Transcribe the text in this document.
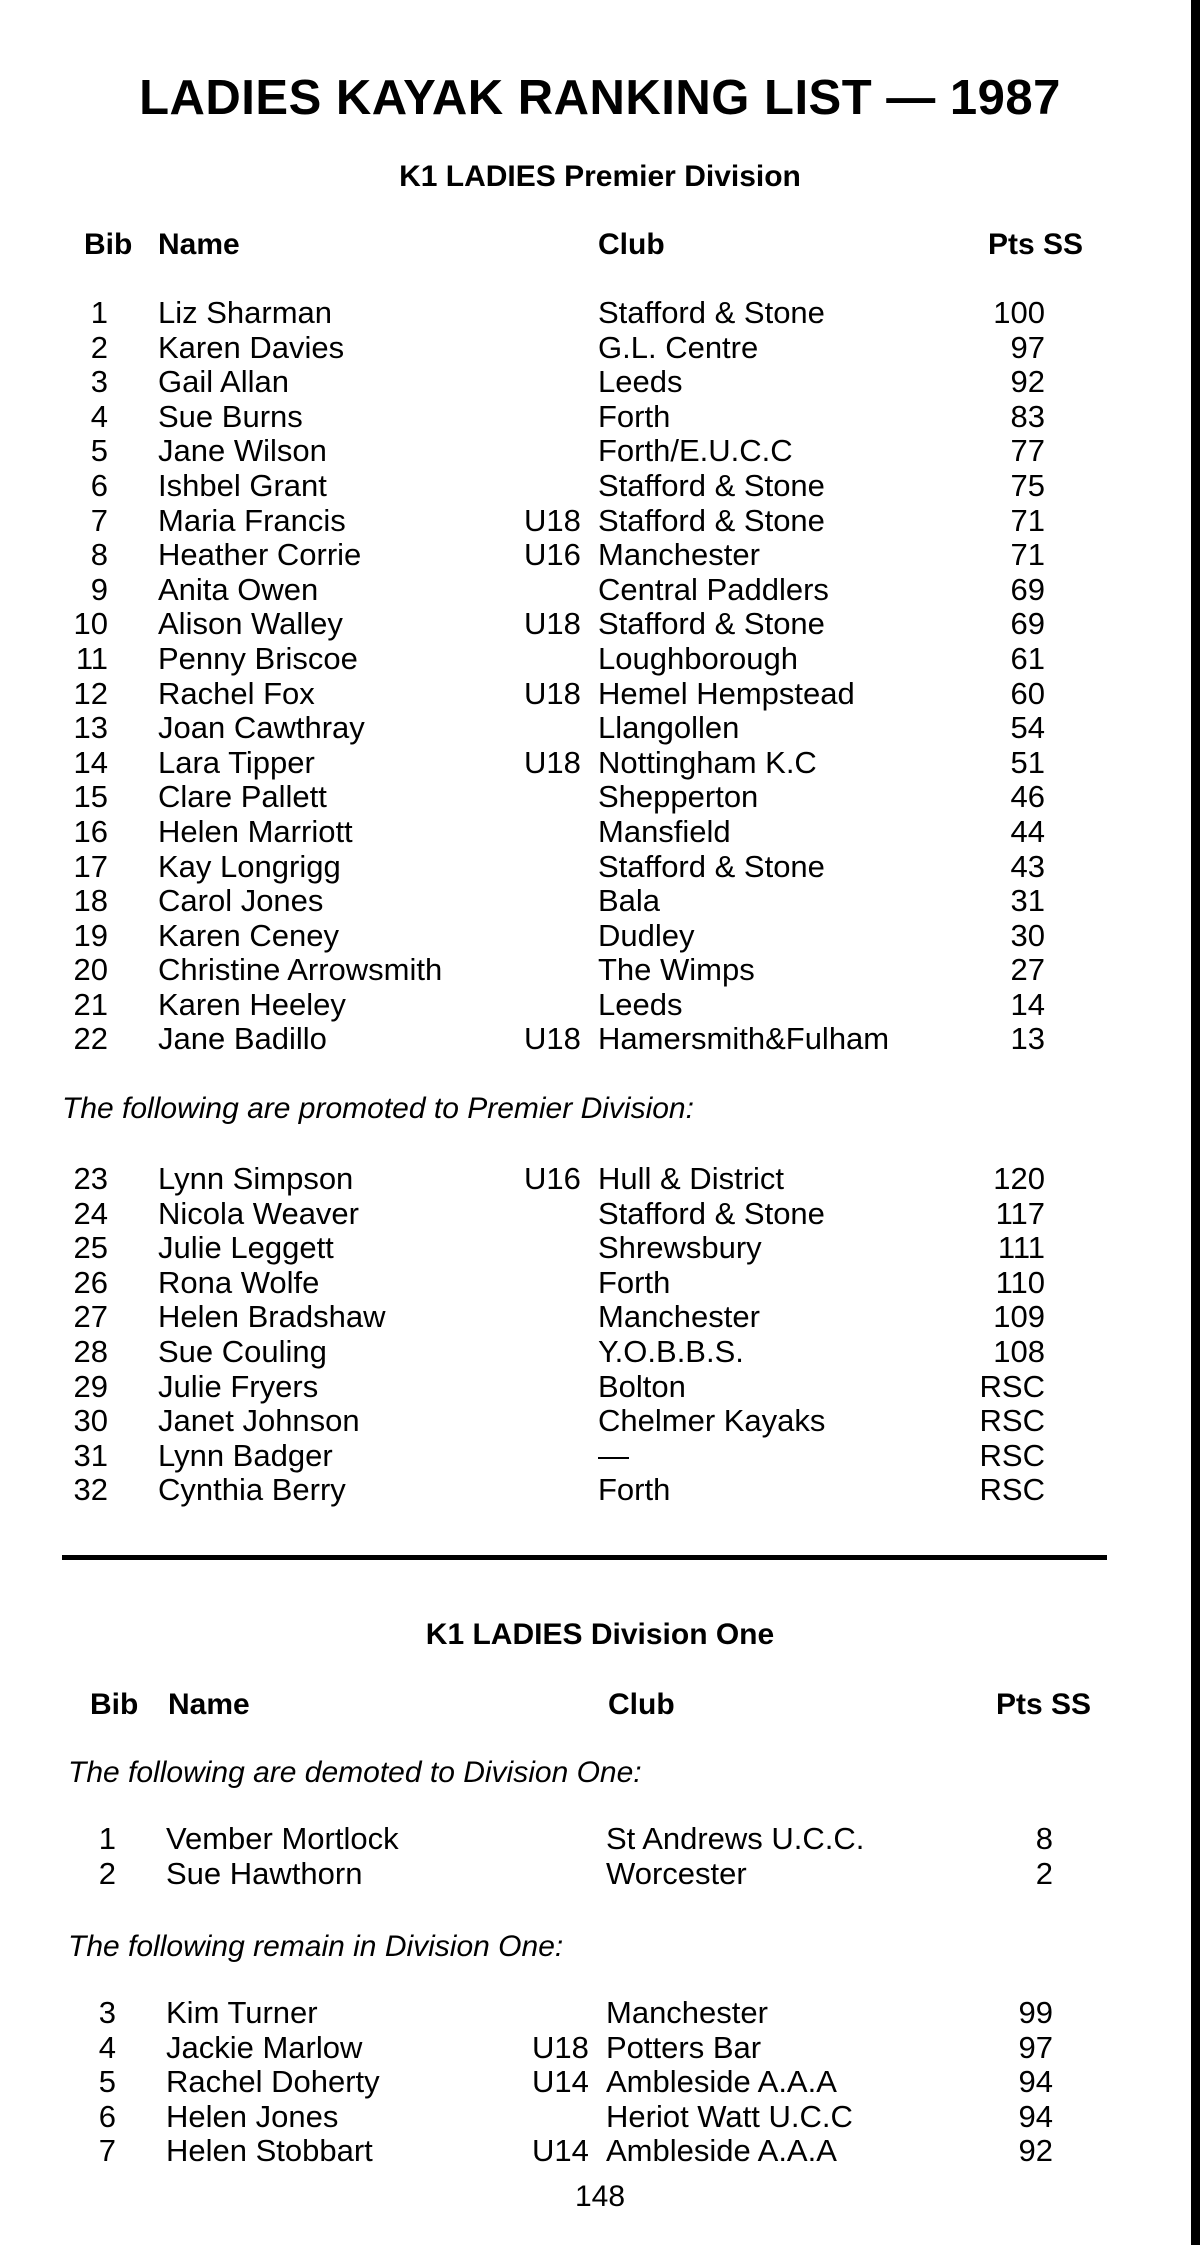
LADIES KAYAK RANKING LIST — 1987
K1 LADIES Premier Division
Bib Name	Club	Pts SS
1 Liz Sharman	Stafford & Stone	100
2 Karen Davies	G.L. Centre	97
3 Gail Allan	Leeds	92
4 Sue Burns	Forth	83
5 Jane Wilson	Forth/E.U.C.C	77
6 Ishbel Grant	Stafford & Stone	75
7 Maria Francis	U18 Stafford & Stone	71
8 Heather Corrie	U16 Manchester	71
9 Anita Owen	Central Paddlers	69
10 Alison Walley	U18 Stafford & Stone	69
11 Penny Briscoe	Loughborough	61
12 Rachel Fox	U18 Hemel Hempstead	60
13 Joan Cawthray	Llangollen	54
14 Lara Tipper	U18 Nottingham K.C	51
15 Clare Pallett	Shepperton	46
16 Helen Marriott	Mansfield	44
17 Kay Longrigg	Stafford & Stone	43
18 Carol Jones	Bala	31
19 Karen Ceney	Dudley	30
20 Christine Arrowsmith	The Wimps	27
21 Karen Heeley	Leeds	14
22 Jane Badillo	U18 Hamersmith&Fulham	13
The following are promoted to Premier Division:
23 Lynn Simpson	U16 Hull & District	120
24 Nicola Weaver	Stafford & Stone	117
25 Julie Leggett	Shrewsbury	111
26 Rona Wolfe	Forth	110
27 Helen Bradshaw	Manchester	109
28 Sue Couling	Y.O.B.B.S.	108
29 Julie Fryers	Bolton	RSC
30 Janet Johnson	Chelmer Kayaks	RSC
31 Lynn Badger	—	RSC
32 Cynthia Berry	Forth	RSC
K1 LADIES Division One
Bib Name	Club	Pts SS
The following are demoted to Division One:
1 Vember Mortlock	St Andrews U.C.C.	8
2 Sue Hawthorn	Worcester	2
The following remain in Division One:
3 Kim Turner	Manchester	99
4 Jackie Marlow	U18 Potters Bar	97
5 Rachel Doherty	U14 Ambleside A.A.A	94
6 Helen Jones	Heriot Watt U.C.C	94
7 Helen Stobbart	U14 Ambleside A.A.A	92
148
